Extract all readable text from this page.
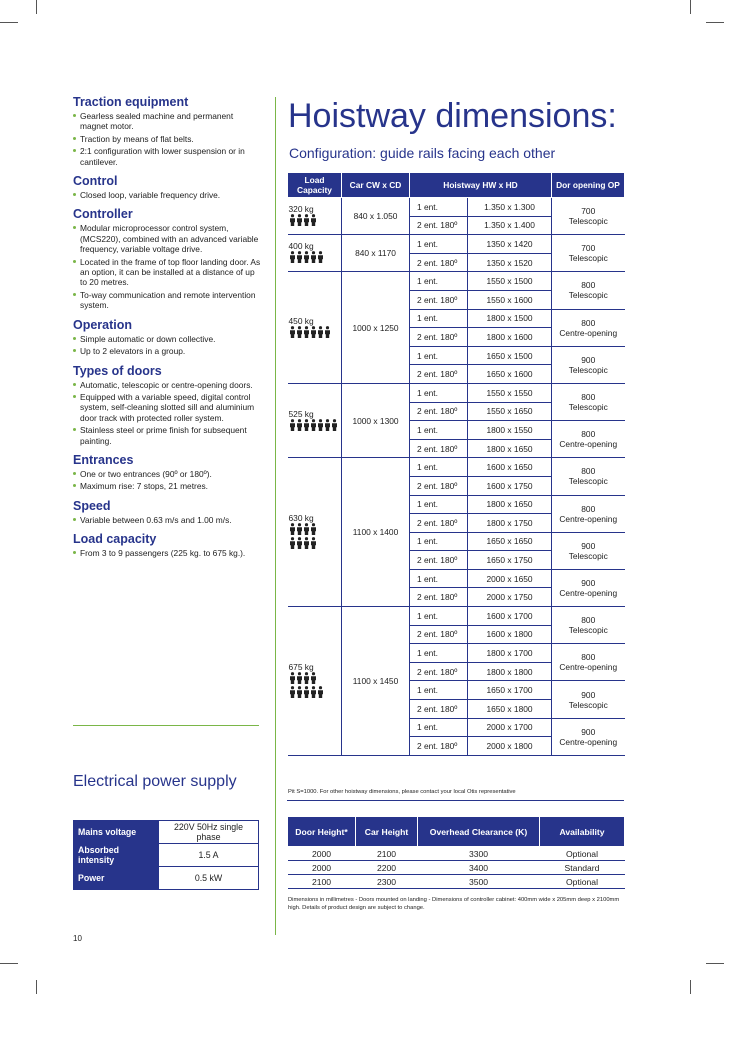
Traction equipment
Gearless sealed machine and permanent magnet motor.
Traction by means of flat belts.
2:1 configuration with lower suspension or in cantilever.
Control
Closed loop, variable frequency drive.
Controller
Modular microprocessor control system, (MCS220), combined with an advanced variable frequency, variable voltage drive.
Located in the frame of top floor landing door. As an option, it can be installed at a distance of up to 20 metres.
To-way communication and remote intervention system.
Operation
Simple automatic or down collective.
Up to 2 elevators in a group.
Types of doors
Automatic, telescopic or centre-opening doors.
Equipped with a variable speed, digital control system, self-cleaning slotted sill and aluminium door track with protected roller system.
Stainless steel or prime finish for subsequent painting.
Entrances
One or two entrances (90º or 180º).
Maximum rise: 7 stops, 21 metres.
Speed
Variable between 0.63 m/s and 1.00 m/s.
Load capacity
From 3 to 9 passengers (225 kg. to 675 kg.).
Electrical power supply
Mains voltage	220V 50Hz single phase
Absorbed intensity	1.5 A
Power	0.5 kW
Hoistway dimensions:
Configuration: guide rails facing each other
Load Capacity	Car CW x CD	Hoistway HW x HD		Dor opening OP

320 kg	840 x 1.050	1 ent.	1.350 x 1.300	700
Telescopic

		2 ent. 180º	1.350 x 1.400	

400 kg	840 x 1170	1 ent.	1350 x 1420	700
Telescopic

		2 ent. 180º	1350 x 1520	

450 kg	1000 x 1250	1 ent.	1550 x 1500	800
Telescopic

		2 ent. 180º	1550 x 1600	
		1 ent.	1800 x 1500	800
Centre-opening

		2 ent. 180º	1800 x 1600	
		1 ent.	1650 x 1500	900
Telescopic

		2 ent. 180º	1650 x 1600	

525 kg	1000 x 1300	1 ent.	1550 x 1550	800
Telescopic

		2 ent. 180º	1550 x 1650	
		1 ent.	1800 x 1550	800
Centre-opening

		2 ent. 180º	1800 x 1650	

630 kg	1100 x 1400	1 ent.	1600 x 1650	800
Telescopic

		2 ent. 180º	1600 x 1750	
		1 ent.	1800 x 1650	800
Centre-opening

		2 ent. 180º	1800 x 1750	
		1 ent.	1650 x 1650	900
Telescopic

		2 ent. 180º	1650 x 1750	
		1 ent.	2000 x 1650	900
Centre-opening

		2 ent. 180º	2000 x 1750	

675 kg	1100 x 1450	1 ent.	1600 x 1700	800
Telescopic

		2 ent. 180º	1600 x 1800	
		1 ent.	1800 x 1700	800
Centre-opening

		2 ent. 180º	1800 x 1800	
		1 ent.	1650 x 1700	900
Telescopic

		2 ent. 180º	1650 x 1800	
		1 ent.	2000 x 1700	900
Centre-opening

		2 ent. 180º	2000 x 1800	
Pit S=1000. For other hoistway dimensions, please contact your local Otis representative
Door Height*	Car Height	Overhead Clearance (K)	Availability
2000	2100	3300	Optional
2000	2200	3400	Standard
2100	2300	3500	Optional
Dimensions in millimetres - Doors mounted on landing - Dimensions of controller cabinet: 400mm wide x 205mm deep x 2100mm high. Details of product design are subject to change.
10
